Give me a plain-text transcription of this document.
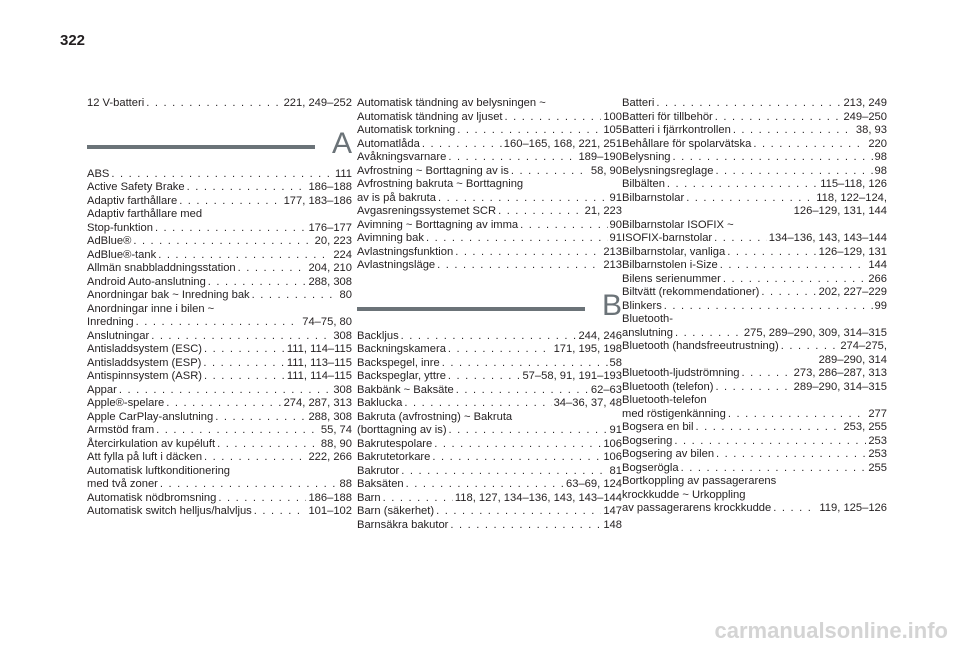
322
12 V-batteri . . .	221, 249–252
A
ABS . . .	111
Active Safety Brake . . .	186–188
Adaptiv farthållare . . .	177, 183–186
Adaptiv farthållare med
Stop-funktion . . .	176–177
AdBlue® . . .	20, 223
AdBlue®-tank . . .	224
Allmän snabbladdningsstation . . .	204, 210
Android Auto-anslutning . . .	288, 308
Anordningar bak ~ Inredning bak . . .	80
Anordningar inne i bilen ~
Inredning . . .	74–75, 80
Anslutningar . . .	308
Antisladdsystem (ESC) . . .	111, 114–115
Antisladdsystem (ESP) . . .	111, 113–115
Antispinnsystem (ASR) . . .	111, 114–115
Appar . . .	308
Apple®-spelare . . .	274, 287, 313
Apple CarPlay-anslutning . . .	288, 308
Armstöd fram . . .	55, 74
Återcirkulation av kupéluft . . .	88, 90
Att fylla på luft i däcken . . .	222, 266
Automatisk luftkonditionering
med två zoner . . .	88
Automatisk nödbromsning . . .	186–188
Automatisk switch helljus/halvljus . . .	101–102
Automatisk tändning av belysningen ~
Automatisk tändning av ljuset . . .	100
Automatisk torkning . . .	105
Automatlåda . . .	160–165, 168, 221, 251
Avåkningsvarnare . . .	189–190
Avfrostning ~ Borttagning av is . . .	58, 90
Avfrostning bakruta ~ Borttagning
av is på bakruta . . .	91
Avgasreningssystemet SCR . . .	21, 223
Avimning ~ Borttagning av imma . . .	90
Avimning bak . . .	91
Avlastningsfunktion . . .	213
Avlastningsläge . . .	213
B
Backljus . . .	244, 246
Backningskamera . . .	171, 195, 198
Backspegel, inre . . .	58
Backspeglar, yttre . . .	57–58, 91, 191–193
Bakbänk ~ Baksäte . . .	62–63
Baklucka . . .	34–36, 37, 48
Bakruta (avfrostning) ~ Bakruta
(borttagning av is) . . .	91
Bakrutespolare . . .	106
Bakrutetorkare . . .	106
Bakrutor . . .	81
Baksäten . . .	63–69, 124
Barn . . .	118, 127, 134–136, 143, 143–144
Barn (säkerhet) . . .	147
Barnsäkra bakutor . . .	148
Batteri . . .	213, 249
Batteri för tillbehör . . .	249–250
Batteri i fjärrkontrollen . . .	38, 93
Behållare för spolarvätska . . .	220
Belysning . . .	98
Belysningsreglage . . .	98
Bilbälten . . .	115–118, 126
Bilbarnstolar . . .	118, 122–124,
126–129, 131, 144
Bilbarnstolar ISOFIX ~
ISOFIX-barnstolar . . .	134–136, 143, 143–144
Bilbarnstolar, vanliga . . .	126–129, 131
Bilbarnstolen i-Size . . .	144
Bilens serienummer . . .	266
Biltvätt (rekommendationer) . . .	202, 227–229
Blinkers . . .	99
Bluetooth-
anslutning . . .	275, 289–290, 309, 314–315
Bluetooth (handsfreeutrustning) . . .	274–275,
289–290, 314
Bluetooth-ljudströmning . . .	273, 286–287, 313
Bluetooth (telefon) . . .	289–290, 314–315
Bluetooth-telefon
med röstigenkänning . . .	277
Bogsera en bil . . .	253, 255
Bogsering . . .	253
Bogsering av bilen . . .	253
Bogserögla . . .	255
Bortkoppling av passagerarens
krockkudde ~ Urkoppling
av passagerarens krockkudde . . .	119, 125–126
carmanualsonline.info
